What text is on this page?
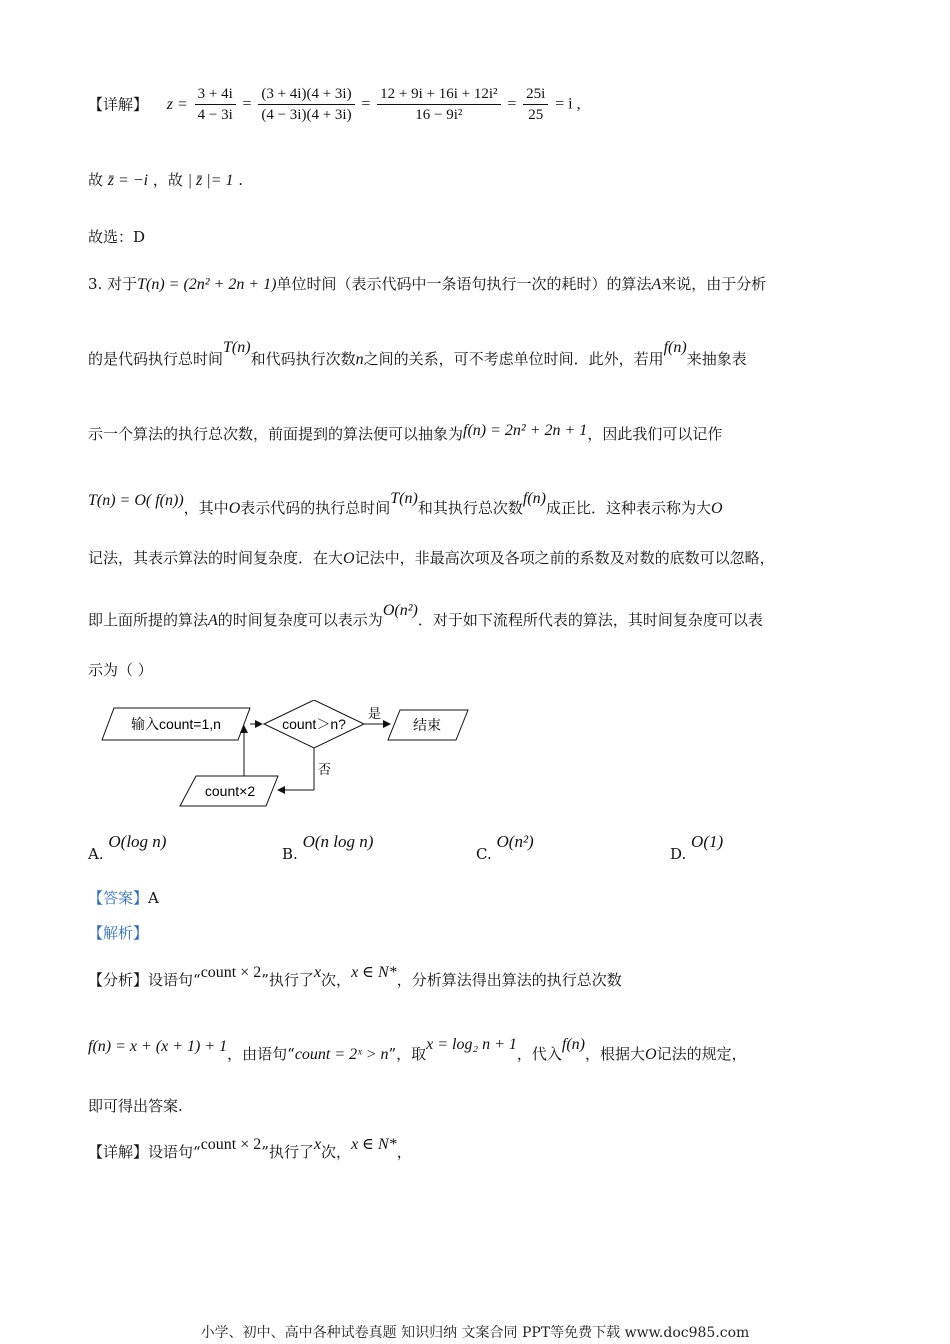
【详解】 $z = \frac{3 + 4i}{4 - 3i} = \frac{(3 + 4i)(4 + 3i)}{(4 - 3i)(4 + 3i)} = \frac{\text{12 + 9i + 16i + 12i²}}{\text{16 − 9i²}} = \frac{25i}{25} = i$ ,
故 z̄ = −i ，故 | z̄ |= 1 .
故选：D
3. 对于T(n) = (2n² + 2n + 1)单位时间（表示代码中一条语句执行一次的耗时）的算法A来说，由于分析
的是代码执行总时间T(n)和代码执行次数n之间的关系，可不考虑单位时间．此外，若用f(n)来抽象表
示一个算法的执行总次数，前面提到的算法便可以抽象为f(n) = 2n² + 2n + 1，因此我们可以记作
T(n) = O( f(n))，其中O表示代码的执行总时间T(n)和其执行总次数f(n)成正比．这种表示称为大O
记法，其表示算法的时间复杂度．在大O记法中，非最高次项及各项之前的系数及对数的底数可以忽略，
即上面所提的算法A的时间复杂度可以表示为O(n²)．对于如下流程所代表的算法，其时间复杂度可以表
示为（ ）
输入count=1,n	count＞n?
是
结束
否
count×2
A. O(log n)
B. O(n log n)
C. O(n²)
D. O(1)
【答案】A
【解析】
【分析】设语句“count × 2”执行了x次，x ∈ N*，分析算法得出算法的执行总次数
f(n) = x + (x + 1) + 1，由语句“count = 2ˣ > n”，取x = log₂ n + 1，代入f(n)，根据大O记法的规定，
即可得出答案.
【详解】设语句“count × 2”执行了x次，x ∈ N*，
小学、初中、高中各种试卷真题 知识归纳 文案合同 PPT等免费下载 www.doc985.com
